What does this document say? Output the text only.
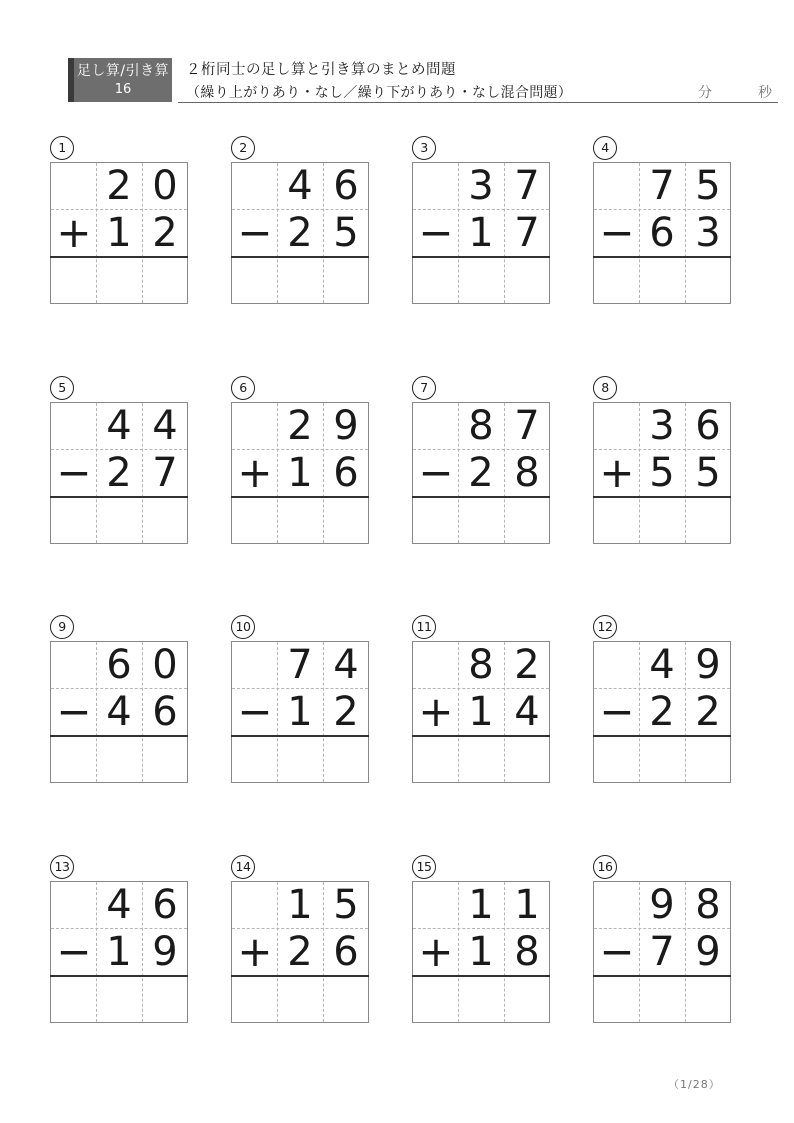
足し算/引き算
16
２桁同士の足し算と引き算のまとめ問題
（繰り上がりあり・なし／繰り下がりあり・なし混合問題）	分	秒
1
2 0
+ 1 2
2
4 6
− 2 5
3
3 7
− 1 7
4
7 5
− 6 3
5
4 4
− 2 7
6
2 9
+ 1 6
7
8 7
− 2 8
8
3 6
+ 5 5
9
6 0
− 4 6
10
7 4
− 1 2
11
8 2
+ 1 4
12
4 9
− 2 2
13
4 6
− 1 9
14
1 5
+ 2 6
15
1 1
+ 1 8
16
9 8
− 7 9
（1/28）
